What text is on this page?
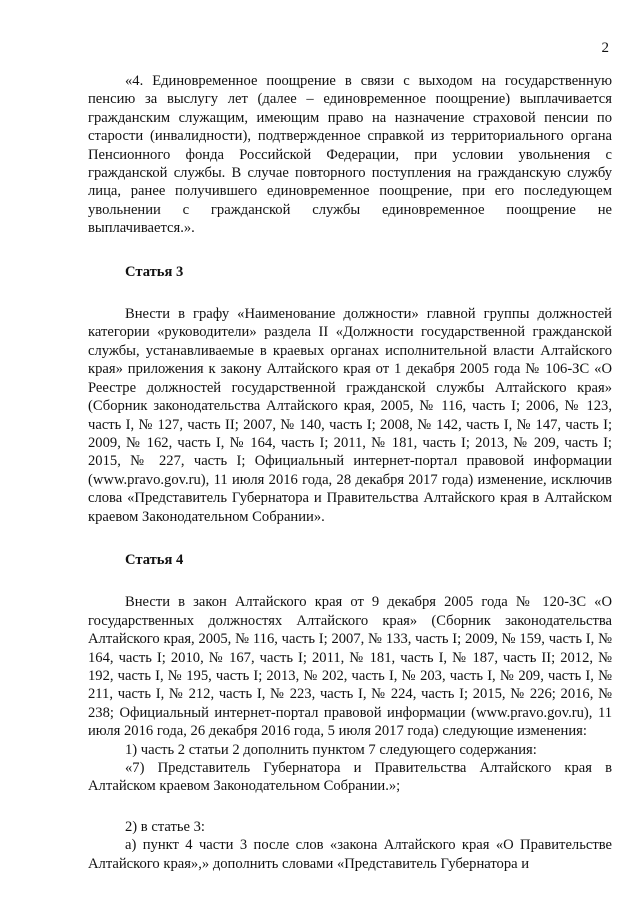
2

«4. Единовременное поощрение в связи с выходом на государственную пенсию за выслугу лет (далее – единовременное поощрение) выплачивается гражданским служащим, имеющим право на назначение страховой пенсии по старости (инвалидности), подтвержденное справкой из территориального органа Пенсионного фонда Российской Федерации, при условии увольнения с гражданской службы. В случае повторного поступления на гражданскую службу лица, ранее получившего единовременное поощрение, при его последующем увольнении с гражданской службы единовременное поощрение не выплачивается.».

Статья 3

Внести в графу «Наименование должности» главной группы должностей категории «руководители» раздела II «Должности государственной гражданской службы, устанавливаемые в краевых органах исполнительной власти Алтайского края» приложения к закону Алтайского края от 1 декабря 2005 года № 106-ЗС «О Реестре должностей государственной гражданской службы Алтайского края» (Сборник законодательства Алтайского края, 2005, № 116, часть I; 2006, № 123, часть I, № 127, часть II; 2007, № 140, часть I; 2008, № 142, часть I, № 147, часть I; 2009, № 162, часть I, № 164, часть I; 2011, № 181, часть I; 2013, № 209, часть I; 2015, № 227, часть I; Официальный интернет-портал правовой информации (www.pravo.gov.ru), 11 июля 2016 года, 28 декабря 2017 года) изменение, исключив слова «Представитель Губернатора и Правительства Алтайского края в Алтайском краевом Законодательном Собрании».

Статья 4

Внести в закон Алтайского края от 9 декабря 2005 года № 120-ЗС «О государственных должностях Алтайского края» (Сборник законодательства Алтайского края, 2005, № 116, часть I; 2007, № 133, часть I; 2009, № 159, часть I, № 164, часть I; 2010, № 167, часть I; 2011, № 181, часть I, № 187, часть II; 2012, № 192, часть I, № 195, часть I; 2013, № 202, часть I, № 203, часть I, № 209, часть I, № 211, часть I, № 212, часть I, № 223, часть I, № 224, часть I; 2015, № 226; 2016, № 238; Официальный интернет-портал правовой информации (www.pravo.gov.ru), 11 июля 2016 года, 26 декабря 2016 года, 5 июля 2017 года) следующие изменения:

1) часть 2 статьи 2 дополнить пунктом 7 следующего содержания:

«7) Представитель Губернатора и Правительства Алтайского края в Алтайском краевом Законодательном Собрании.»;

2) в статье 3:

а) пункт 4 части 3 после слов «закона Алтайского края «О Правительстве Алтайского края»,» дополнить словами «Представитель Губернатора и
